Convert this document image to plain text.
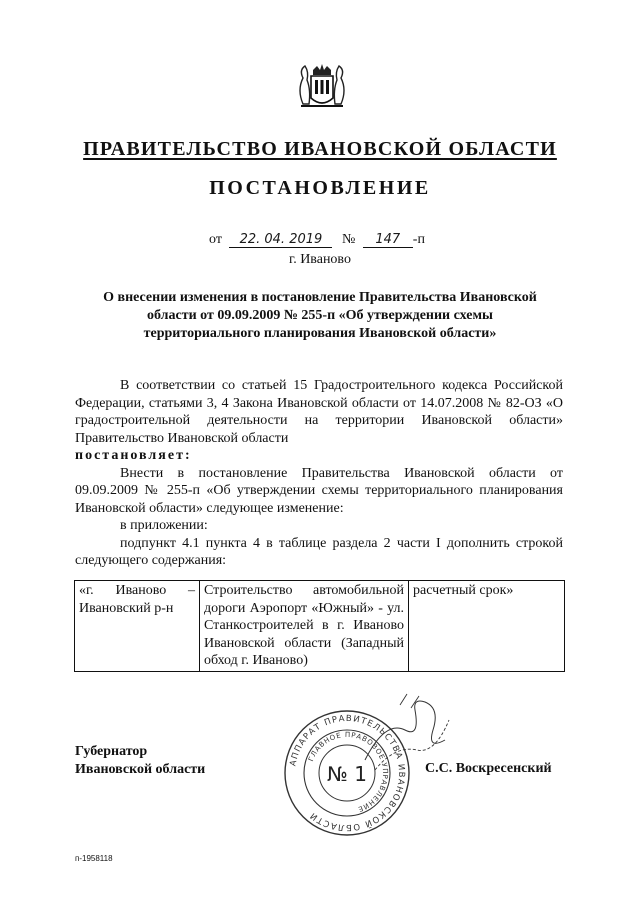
ПРАВИТЕЛЬСТВО ИВАНОВСКОЙ ОБЛАСТИ
ПОСТАНОВЛЕНИЕ
от 22. 04. 2019 № 147 -п
г. Иваново
О внесении изменения в постановление Правительства Ивановской области от 09.09.2009 № 255-п «Об утверждении схемы территориального планирования Ивановской области»

В соответствии со статьей 15 Градостроительного кодекса Российской Федерации, статьями 3, 4 Закона Ивановской области от 14.07.2008 № 82-ОЗ «О градостроительной деятельности на территории Ивановской области» Правительство Ивановской области

постановляет:

Внести в постановление Правительства Ивановской области от 09.09.2009 № 255-п «Об утверждении схемы территориального планирования Ивановской области» следующее изменение:

в приложении:

подпункт 4.1 пункта 4 в таблице раздела 2 части I дополнить строкой следующего содержания:

«г. Иваново – Ивановский р-н	Строительство автомобильной дороги Аэропорт «Южный» - ул. Станкостроителей в г. Иваново Ивановской области (Западный обход г. Иваново)	расчетный срок»
Губернатор
Ивановской области	С.С. Воскресенский
АППАРАТ ПРАВИТЕЛЬСТВА ИВАНОВСКОЙ ОБЛАСТИ
ГЛАВНОЕ ПРАВОВОЕ УПРАВЛЕНИЕ
№ 1
п-1958118
